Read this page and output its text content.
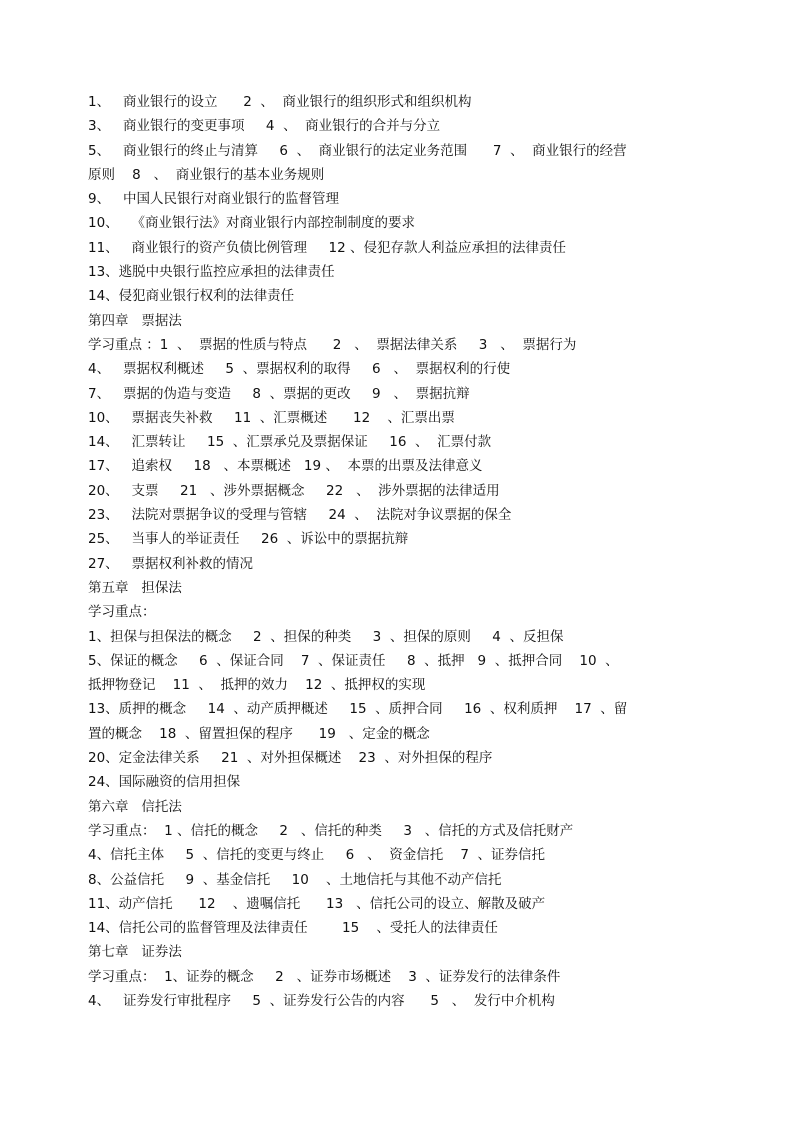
1、   商业银行的设立      2  、  商业银行的组织形式和组织机构
3、   商业银行的变更事项     4  、  商业银行的合并与分立
5、   商业银行的终止与清算     6  、  商业银行的法定业务范围      7  、  商业银行的经营
原则    8   、  商业银行的基本业务规则
9、   中国人民银行对商业银行的监督管理
10、   《商业银行法》对商业银行内部控制制度的要求
11、   商业银行的资产负债比例管理     12 、侵犯存款人利益应承担的法律责任
13、逃脱中央银行监控应承担的法律责任
14、侵犯商业银行权利的法律责任
第四章   票据法
学习重点 ：1  、  票据的性质与特点      2   、  票据法律关系     3   、  票据行为
4、   票据权利概述     5  、票据权利的取得     6   、  票据权利的行使
7、   票据的伪造与变造     8  、票据的更改     9   、  票据抗辩
10、   票据丧失补救     11  、汇票概述      12    、汇票出票
14、   汇票转让     15  、汇票承兑及票据保证     16  、  汇票付款
17、   追索权     18   、本票概述   19 、  本票的出票及法律意义
20、   支票     21   、涉外票据概念     22   、  涉外票据的法律适用
23、   法院对票据争议的受理与管辖     24  、  法院对争议票据的保全
25、   当事人的举证责任     26  、诉讼中的票据抗辩
27、   票据权利补救的情况
第五章   担保法
学习重点：
1、担保与担保法的概念     2  、担保的种类     3  、担保的原则     4  、反担保
5、保证的概念     6  、保证合同    7  、保证责任     8  、抵押   9  、抵押合同    10  、
抵押物登记    11  、  抵押的效力    12  、抵押权的实现
13、质押的概念     14  、动产质押概述     15  、质押合同     16  、权利质押    17  、留
置的概念    18  、留置担保的程序      19   、定金的概念
20、定金法律关系     21  、对外担保概述    23  、对外担保的程序
24、国际融资的信用担保
第六章   信托法
学习重点：  1 、信托的概念     2   、信托的种类     3   、信托的方式及信托财产
4、信托主体     5  、信托的变更与终止     6   、  资金信托    7  、证券信托
8、公益信托     9  、基金信托     10    、土地信托与其他不动产信托
11、动产信托      12    、遗嘱信托      13   、信托公司的设立、解散及破产
14、信托公司的监督管理及法律责任        15    、受托人的法律责任
第七章   证券法
学习重点：  1、证券的概念     2   、证券市场概述    3  、证券发行的法律条件
4、   证券发行审批程序     5  、证券发行公告的内容      5   、  发行中介机构
